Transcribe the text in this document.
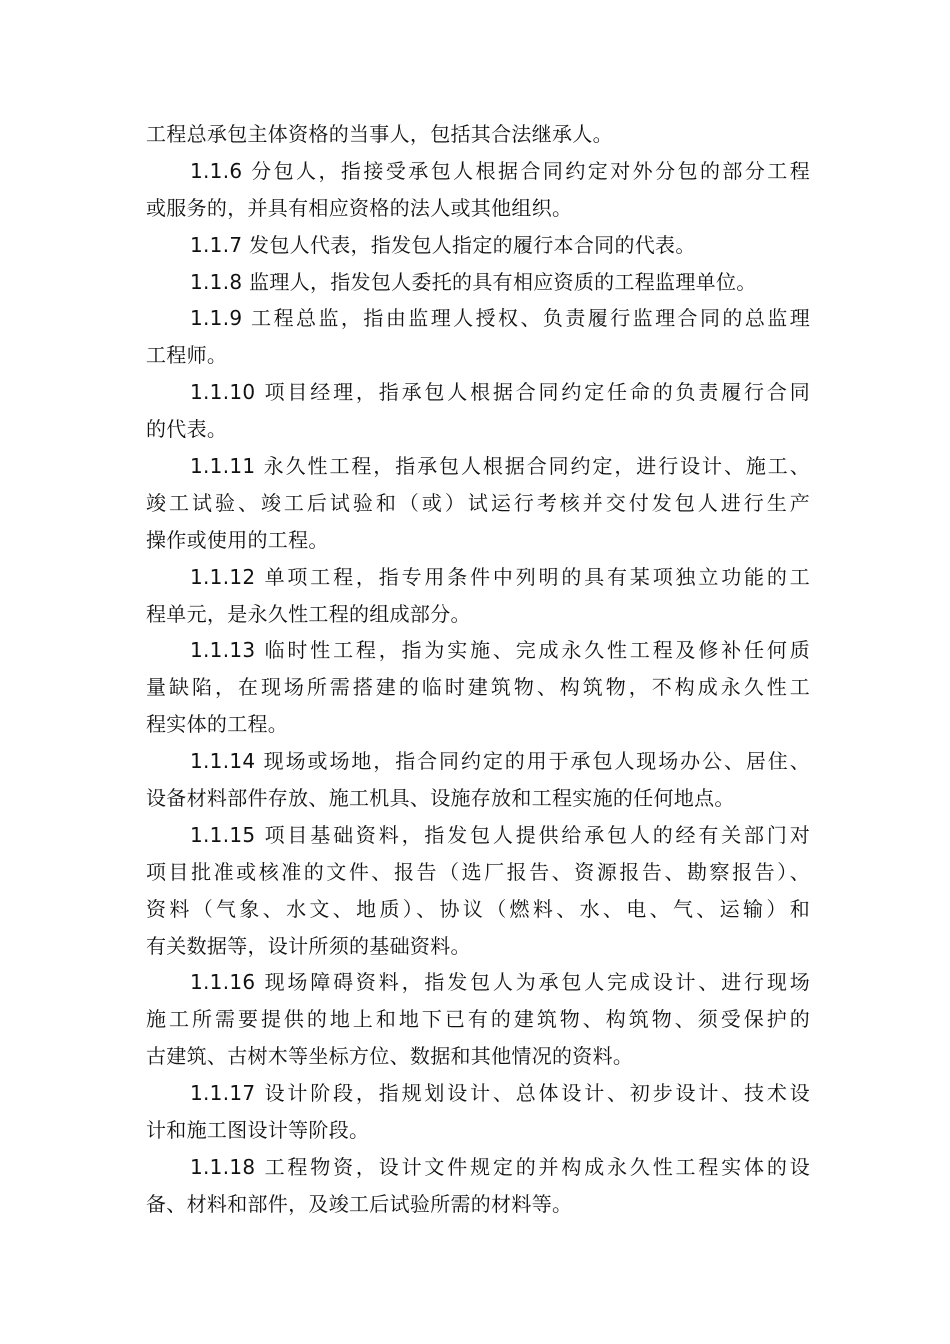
工程总承包主体资格的当事人，包括其合法继承人。
1.1.6 分包人，指接受承包人根据合同约定对外分包的部分工程
或服务的，并具有相应资格的法人或其他组织。
1.1.7 发包人代表，指发包人指定的履行本合同的代表。
1.1.8 监理人，指发包人委托的具有相应资质的工程监理单位。
1.1.9 工程总监，指由监理人授权、负责履行监理合同的总监理
工程师。
1.1.10 项目经理，指承包人根据合同约定任命的负责履行合同
的代表。
1.1.11 永久性工程，指承包人根据合同约定，进行设计、施工、
竣工试验、竣工后试验和（或）试运行考核并交付发包人进行生产
操作或使用的工程。
1.1.12 单项工程，指专用条件中列明的具有某项独立功能的工
程单元，是永久性工程的组成部分。
1.1.13 临时性工程，指为实施、完成永久性工程及修补任何质
量缺陷，在现场所需搭建的临时建筑物、构筑物，不构成永久性工
程实体的工程。
1.1.14 现场或场地，指合同约定的用于承包人现场办公、居住、
设备材料部件存放、施工机具、设施存放和工程实施的任何地点。
1.1.15 项目基础资料，指发包人提供给承包人的经有关部门对
项目批准或核准的文件、报告（选厂报告、资源报告、勘察报告）、
资料（气象、水文、地质）、协议（燃料、水、电、气、运输）和
有关数据等，设计所须的基础资料。
1.1.16 现场障碍资料，指发包人为承包人完成设计、进行现场
施工所需要提供的地上和地下已有的建筑物、构筑物、须受保护的
古建筑、古树木等坐标方位、数据和其他情况的资料。
1.1.17 设计阶段，指规划设计、总体设计、初步设计、技术设
计和施工图设计等阶段。
1.1.18 工程物资，设计文件规定的并构成永久性工程实体的设
备、材料和部件，及竣工后试验所需的材料等。
